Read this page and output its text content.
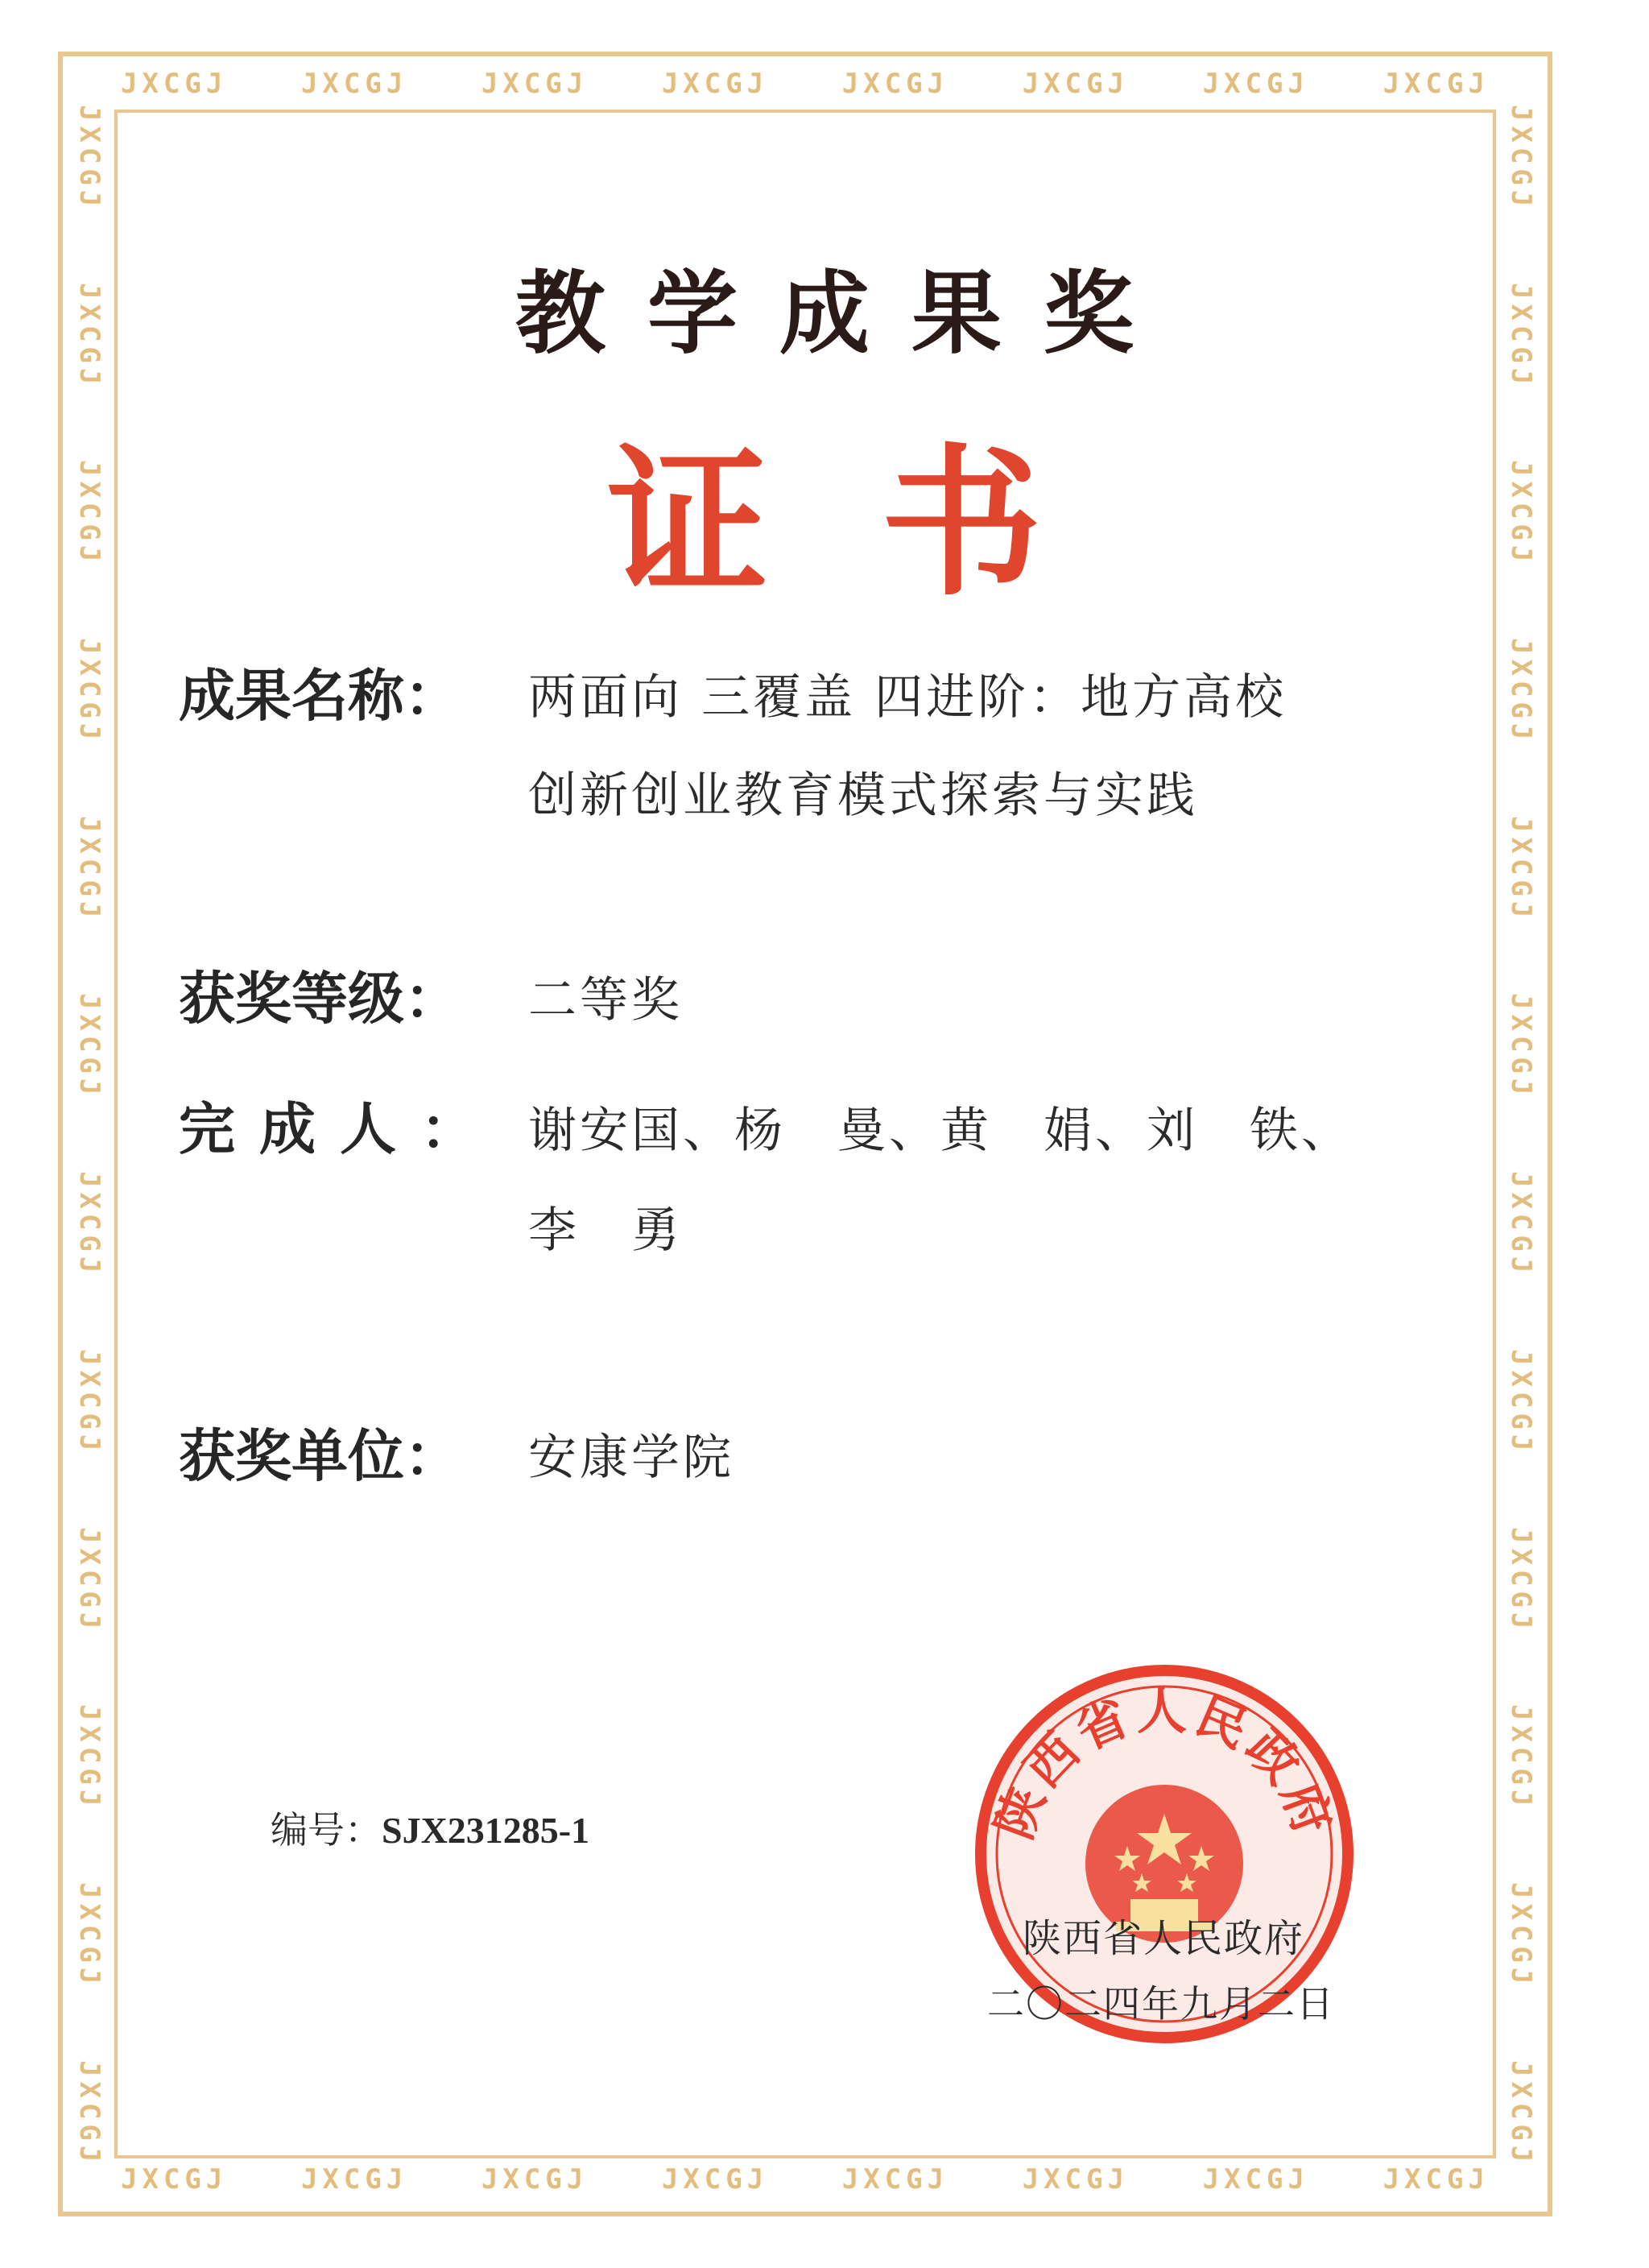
JXCGJ	JXCGJ	JXCGJ	JXCGJ	JXCGJ	JXCGJ	JXCGJ	JXCGJ
JXCGJ	JXCGJ	JXCGJ	JXCGJ	JXCGJ	JXCGJ	JXCGJ	JXCGJ
JXCGJ
JXCGJ
JXCGJ
JXCGJ
JXCGJ
JXCGJ
JXCGJ
JXCGJ
JXCGJ
JXCGJ
JXCGJ
JXCGJ
JXCGJ
JXCGJ
JXCGJ
JXCGJ
JXCGJ
JXCGJ
JXCGJ
JXCGJ
JXCGJ
JXCGJ
JXCGJ
JXCGJ
教学成果奖
证书
成果名称： 两面向 三覆盖 四进阶：地方高校
创新创业教育模式探索与实践
获奖等级： 二等奖
完成人： 谢安国、杨　曼、黄　娟、刘　铁、
李　勇
获奖单位： 安康学院
编号：SJX231285-1	陕西省人民政府
陕西省人民政府
二〇二四年九月二日
